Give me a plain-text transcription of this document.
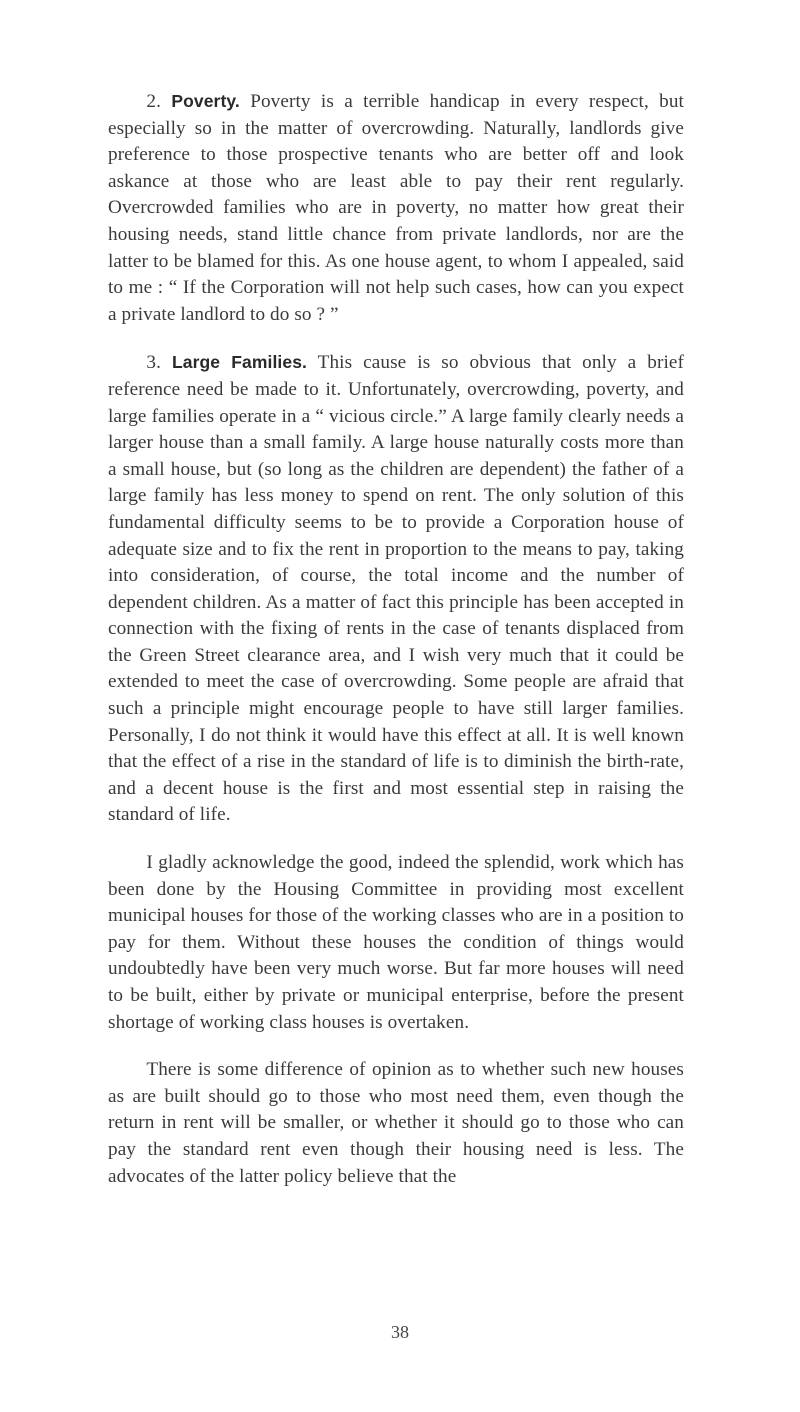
2. Poverty. Poverty is a terrible handicap in every respect, but especially so in the matter of overcrowding. Naturally, landlords give preference to those prospective tenants who are better off and look askance at those who are least able to pay their rent regularly. Overcrowded families who are in poverty, no matter how great their housing needs, stand little chance from private landlords, nor are the latter to be blamed for this. As one house agent, to whom I appealed, said to me : “ If the Corporation will not help such cases, how can you expect a private landlord to do so ? ”

3. Large Families. This cause is so obvious that only a brief reference need be made to it. Unfortunately, overcrowding, poverty, and large families operate in a “ vicious circle.” A large family clearly needs a larger house than a small family. A large house naturally costs more than a small house, but (so long as the children are dependent) the father of a large family has less money to spend on rent. The only solution of this fundamental difficulty seems to be to provide a Corporation house of adequate size and to fix the rent in proportion to the means to pay, taking into consideration, of course, the total income and the number of dependent children. As a matter of fact this principle has been accepted in connection with the fixing of rents in the case of tenants displaced from the Green Street clearance area, and I wish very much that it could be extended to meet the case of overcrowding. Some people are afraid that such a principle might encourage people to have still larger families. Personally, I do not think it would have this effect at all. It is well known that the effect of a rise in the standard of life is to diminish the birth-rate, and a decent house is the first and most essential step in raising the standard of life.

I gladly acknowledge the good, indeed the splendid, work which has been done by the Housing Committee in providing most excellent municipal houses for those of the working classes who are in a position to pay for them. Without these houses the condition of things would undoubtedly have been very much worse. But far more houses will need to be built, either by private or municipal enterprise, before the present shortage of working class houses is overtaken.

There is some difference of opinion as to whether such new houses as are built should go to those who most need them, even though the return in rent will be smaller, or whether it should go to those who can pay the standard rent even though their housing need is less. The advocates of the latter policy believe that the

38
